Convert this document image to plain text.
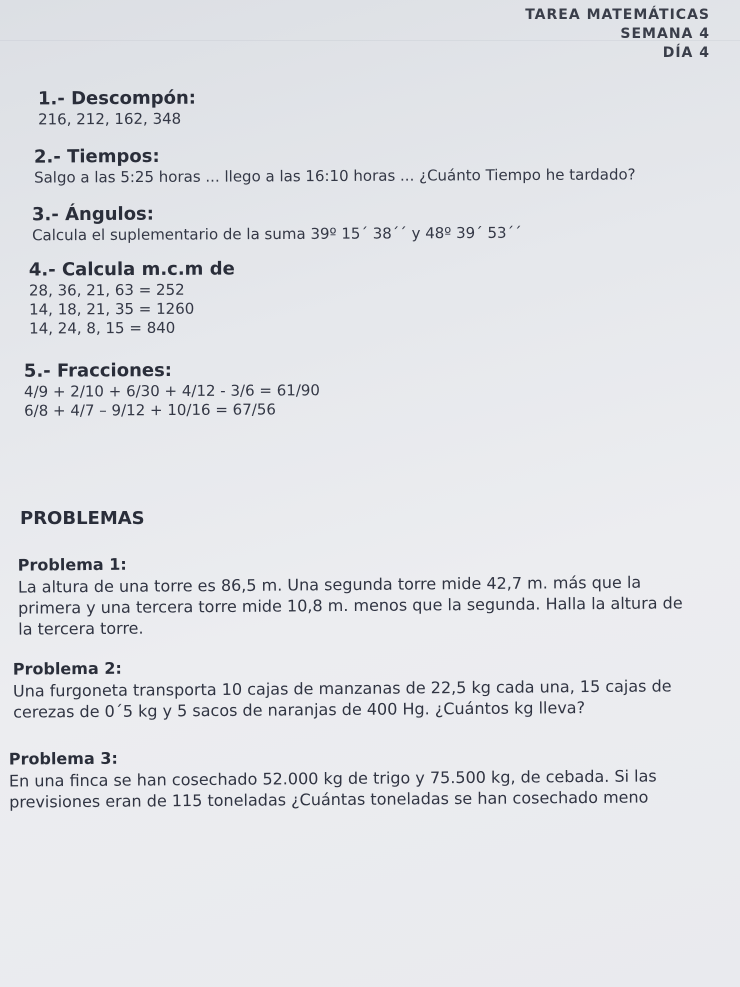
TAREA MATEMÁTICAS
SEMANA 4
DÍA 4
1.- Descompón:

216, 212, 162, 348

2.- Tiempos:

Salgo a las 5:25 horas ... llego a las 16:10 horas ... ¿Cuánto Tiempo he tardado?

3.- Ángulos:

Calcula el suplementario de la suma 39º 15´ 38´´ y 48º 39´ 53´´

4.- Calcula m.c.m de

28, 36, 21, 63 = 252

14, 18, 21, 35 = 1260

14, 24, 8, 15 = 840

5.- Fracciones:

4/9 + 2/10 + 6/30 + 4/12 - 3/6 = 61/90

6/8 + 4/7 – 9/12 + 10/16 = 67/56

PROBLEMAS
Problema 1:

La altura de una torre es 86,5 m. Una segunda torre mide 42,7 m. más que la

primera y una tercera torre mide 10,8 m. menos que la segunda. Halla la altura de

la tercera torre.

Problema 2:

Una furgoneta transporta 10 cajas de manzanas de 22,5 kg cada una, 15 cajas de

cerezas de 0´5 kg y 5 sacos de naranjas de 400 Hg. ¿Cuántos kg lleva?

Problema 3:

En una finca se han cosechado 52.000 kg de trigo y 75.500 kg, de cebada. Si las

previsiones eran de 115 toneladas ¿Cuántas toneladas se han cosechado meno
